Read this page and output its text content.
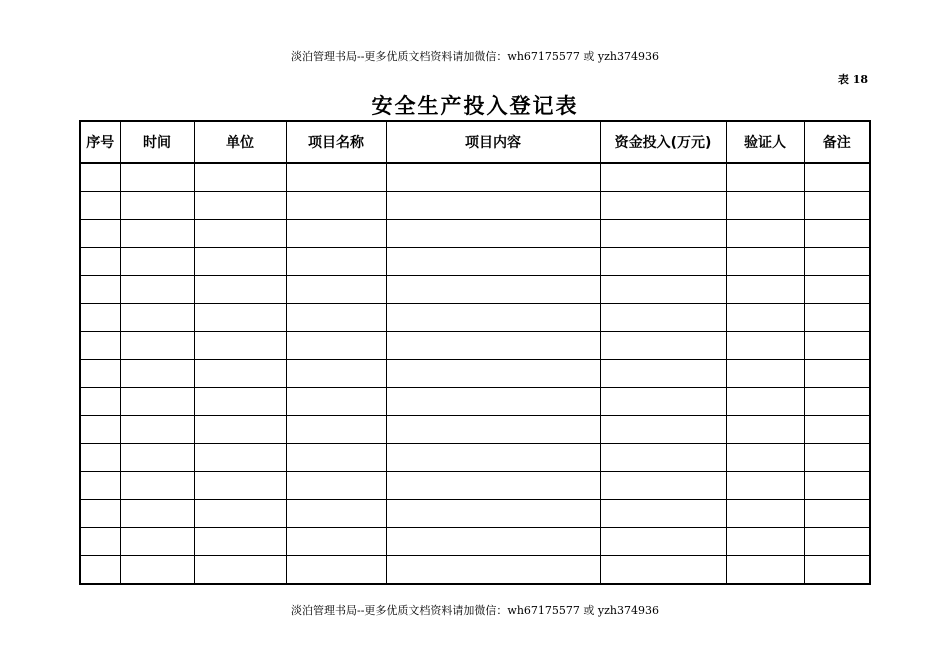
淡泊管理书局--更多优质文档资料请加微信：wh67175577 或 yzh374936
表 18
安全生产投入登记表
序号	时间	单位	项目名称	项目内容	资金投入(万元)	验证人	备注

淡泊管理书局--更多优质文档资料请加微信：wh67175577 或 yzh374936
